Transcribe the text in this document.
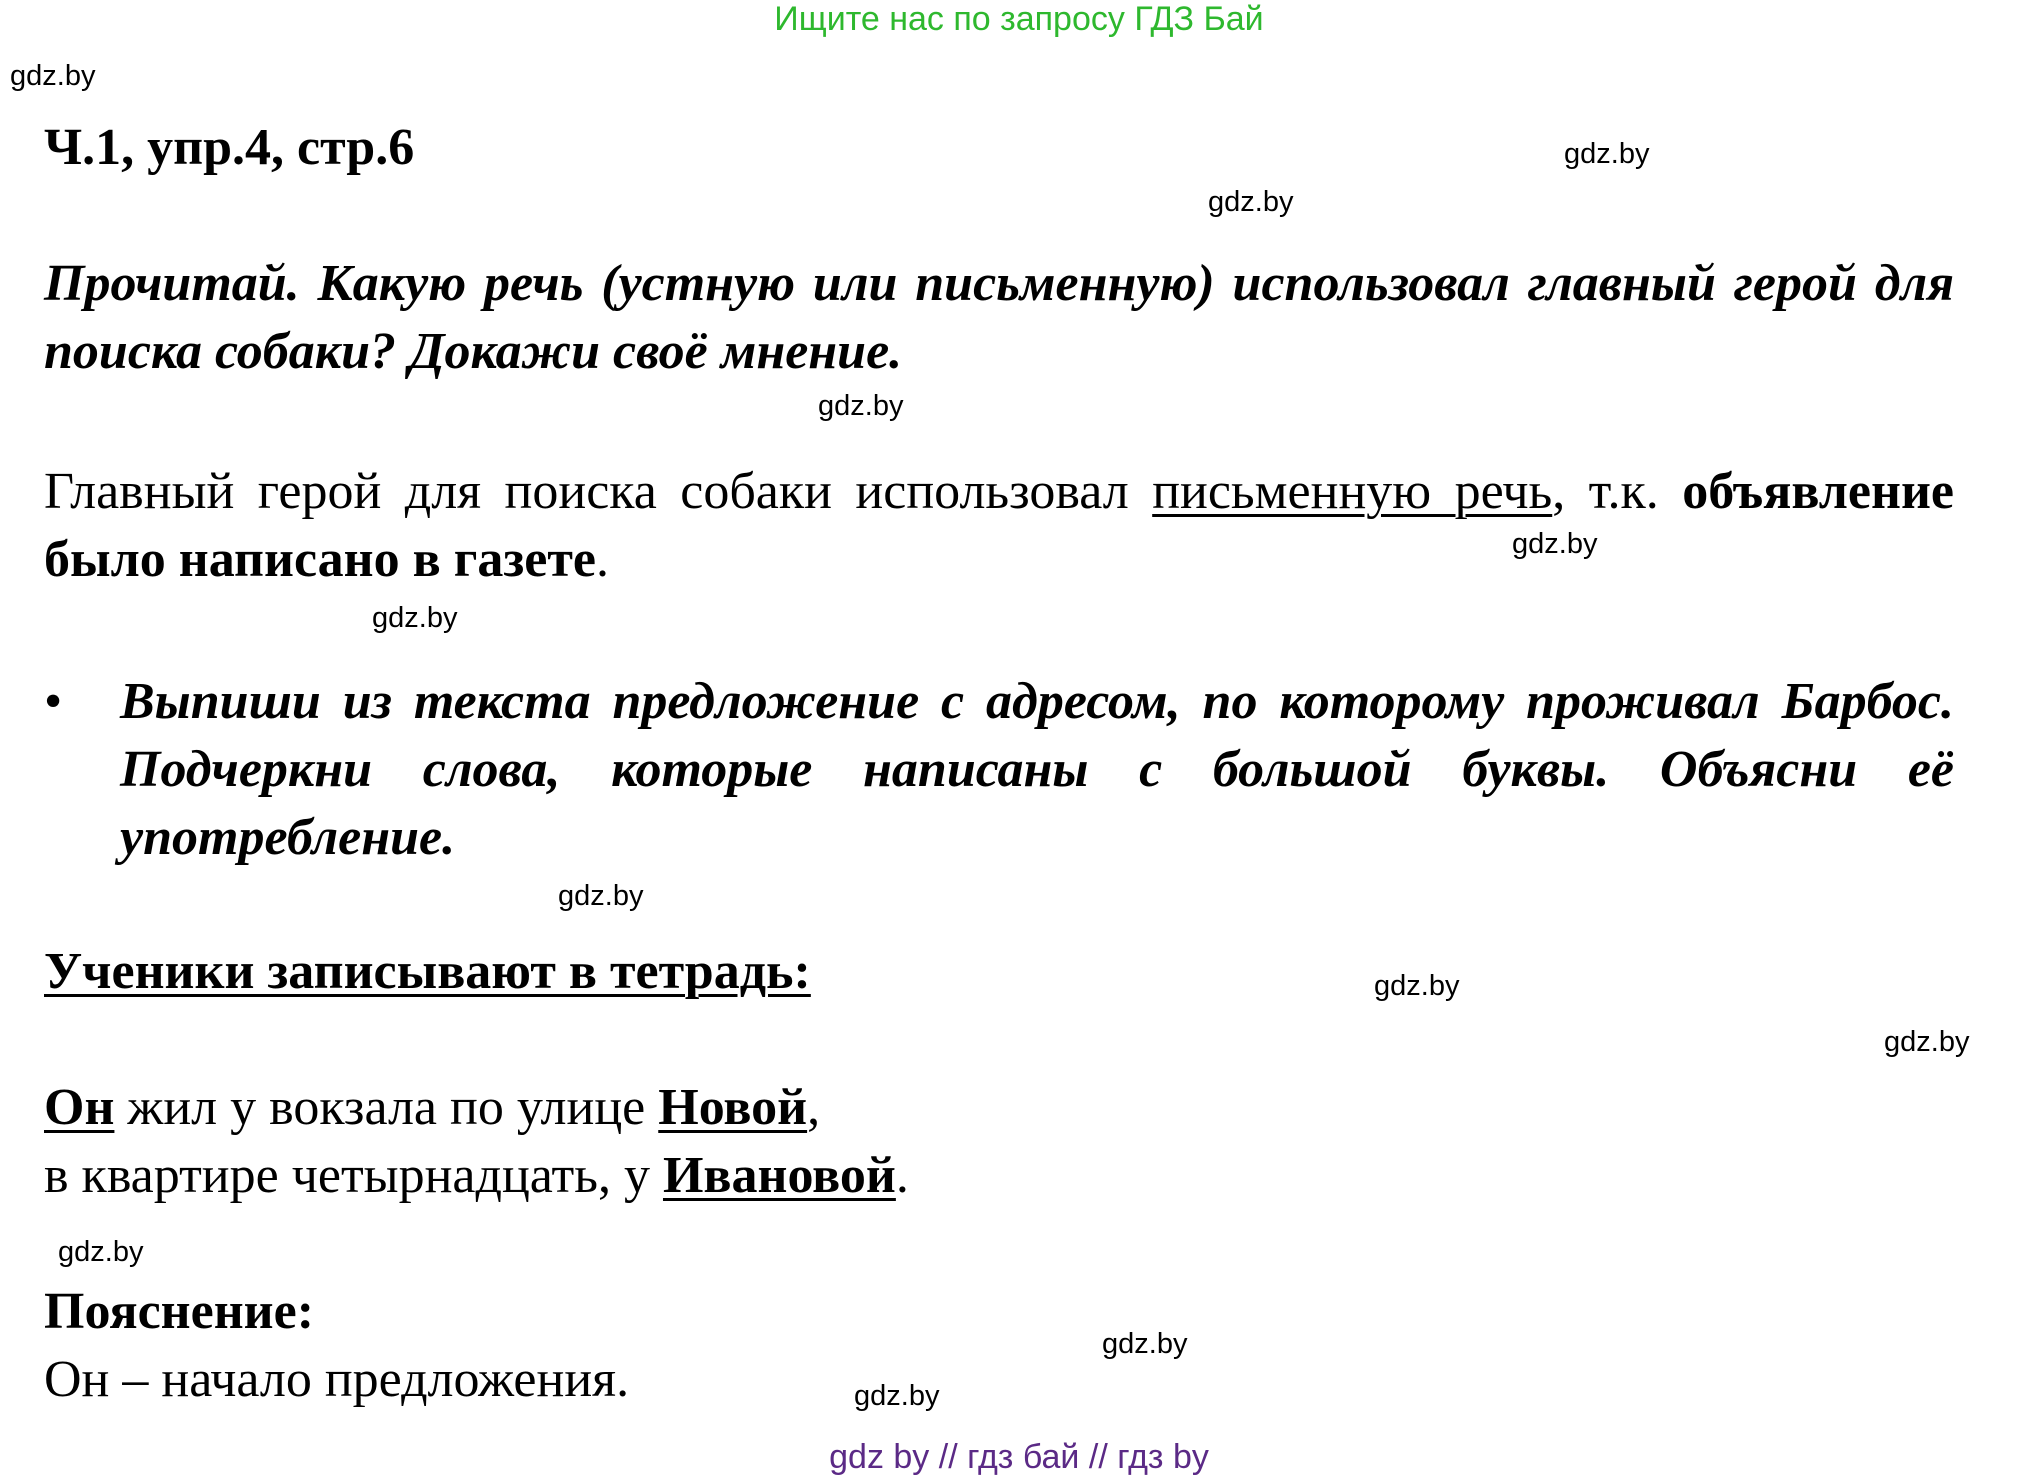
Ищите нас по запросу ГДЗ Бай
gdz.by
gdz.by
gdz.by
gdz.by
gdz.by
gdz.by
gdz.by
gdz.by
gdz.by
gdz.by
gdz.by
gdz.by
Ч.1, упр.4, стр.6
Прочитай. Какую речь (устную или письменную) использовал главный герой для поиска собаки? Докажи своё мнение.
Главный герой для поиска собаки использовал письменную речь, т.к. объявление было написано в газете.
• Выпиши из текста предложение с адресом, по которому проживал Барбос. Подчеркни слова, которые написаны с большой буквы. Объясни её употребление.
Ученики записывают в тетрадь:
Он жил у вокзала по улице Новой,
в квартире четырнадцать, у Ивановой.
Пояснение:
Он – начало предложения.
gdz by // гдз бай // гдз by
